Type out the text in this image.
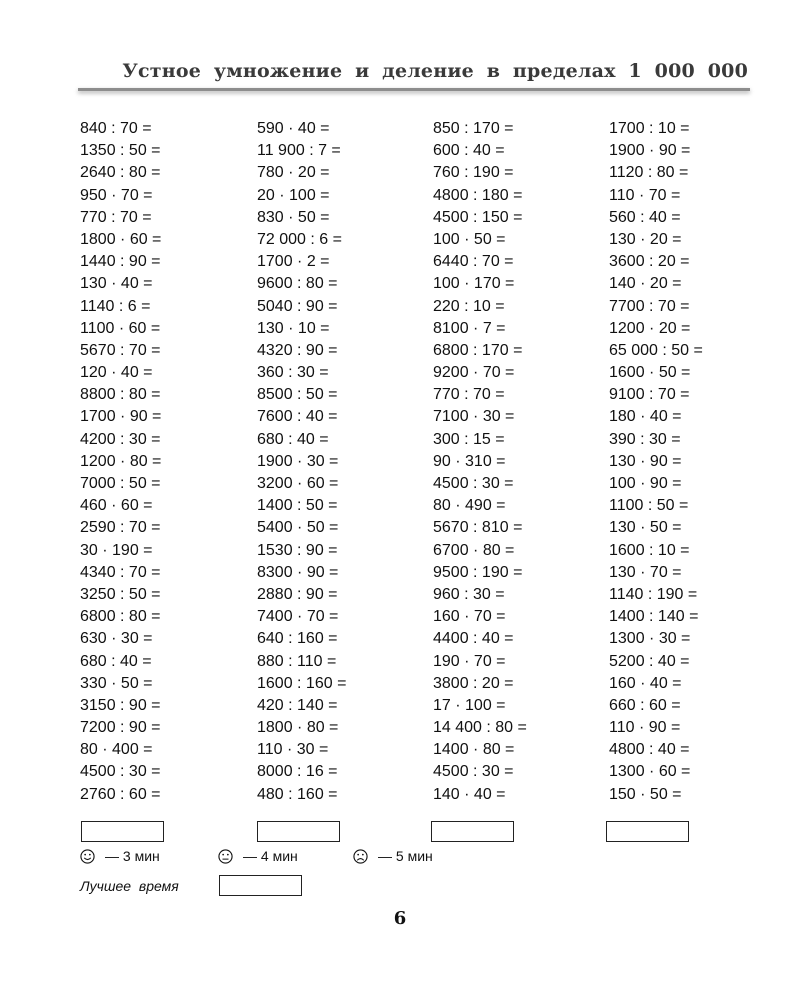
Устное умножение и деление в пределах 1 000 000
840 : 70 =
1350 : 50 =
2640 : 80 =
950 · 70 =
770 : 70 =
1800 · 60 =
1440 : 90 =
130 · 40 =
1140 : 6 =
1100 · 60 =
5670 : 70 =
120 · 40 =
8800 : 80 =
1700 · 90 =
4200 : 30 =
1200 · 80 =
7000 : 50 =
460 · 60 =
2590 : 70 =
30 · 190 =
4340 : 70 =
3250 : 50 =
6800 : 80 =
630 · 30 =
680 : 40 =
330 · 50 =
3150 : 90 =
7200 : 90 =
80 · 400 =
4500 : 30 =
2760 : 60 =
590 · 40 =
11 900 : 7 =
780 · 20 =
20 · 100 =
830 · 50 =
72 000 : 6 =
1700 · 2 =
9600 : 80 =
5040 : 90 =
130 · 10 =
4320 : 90 =
360 : 30 =
8500 : 50 =
7600 : 40 =
680 : 40 =
1900 · 30 =
3200 · 60 =
1400 : 50 =
5400 · 50 =
1530 : 90 =
8300 · 90 =
2880 : 90 =
7400 · 70 =
640 : 160 =
880 : 110 =
1600 : 160 =
420 : 140 =
1800 · 80 =
110 · 30 =
8000 : 16 =
480 : 160 =
850 : 170 =
600 : 40 =
760 : 190 =
4800 : 180 =
4500 : 150 =
100 · 50 =
6440 : 70 =
100 · 170 =
220 : 10 =
8100 · 7 =
6800 : 170 =
9200 · 70 =
770 : 70 =
7100 · 30 =
300 : 15 =
90 · 310 =
4500 : 30 =
80 · 490 =
5670 : 810 =
6700 · 80 =
9500 : 190 =
960 : 30 =
160 · 70 =
4400 : 40 =
190 · 70 =
3800 : 20 =
17 · 100 =
14 400 : 80 =
1400 · 80 =
4500 : 30 =
140 · 40 =
1700 : 10 =
1900 · 90 =
1120 : 80 =
110 · 70 =
560 : 40 =
130 · 20 =
3600 : 20 =
140 · 20 =
7700 : 70 =
1200 · 20 =
65 000 : 50 =
1600 · 50 =
9100 : 70 =
180 · 40 =
390 : 30 =
130 · 90 =
100 · 90 =
1100 : 50 =
130 · 50 =
1600 : 10 =
130 · 70 =
1140 : 190 =
1400 : 140 =
1300 · 30 =
5200 : 40 =
160 · 40 =
660 : 60 =
110 · 90 =
4800 : 40 =
1300 · 60 =
150 · 50 =
— 3 мин	— 4 мин	— 5 мин
Лучшее время
6
